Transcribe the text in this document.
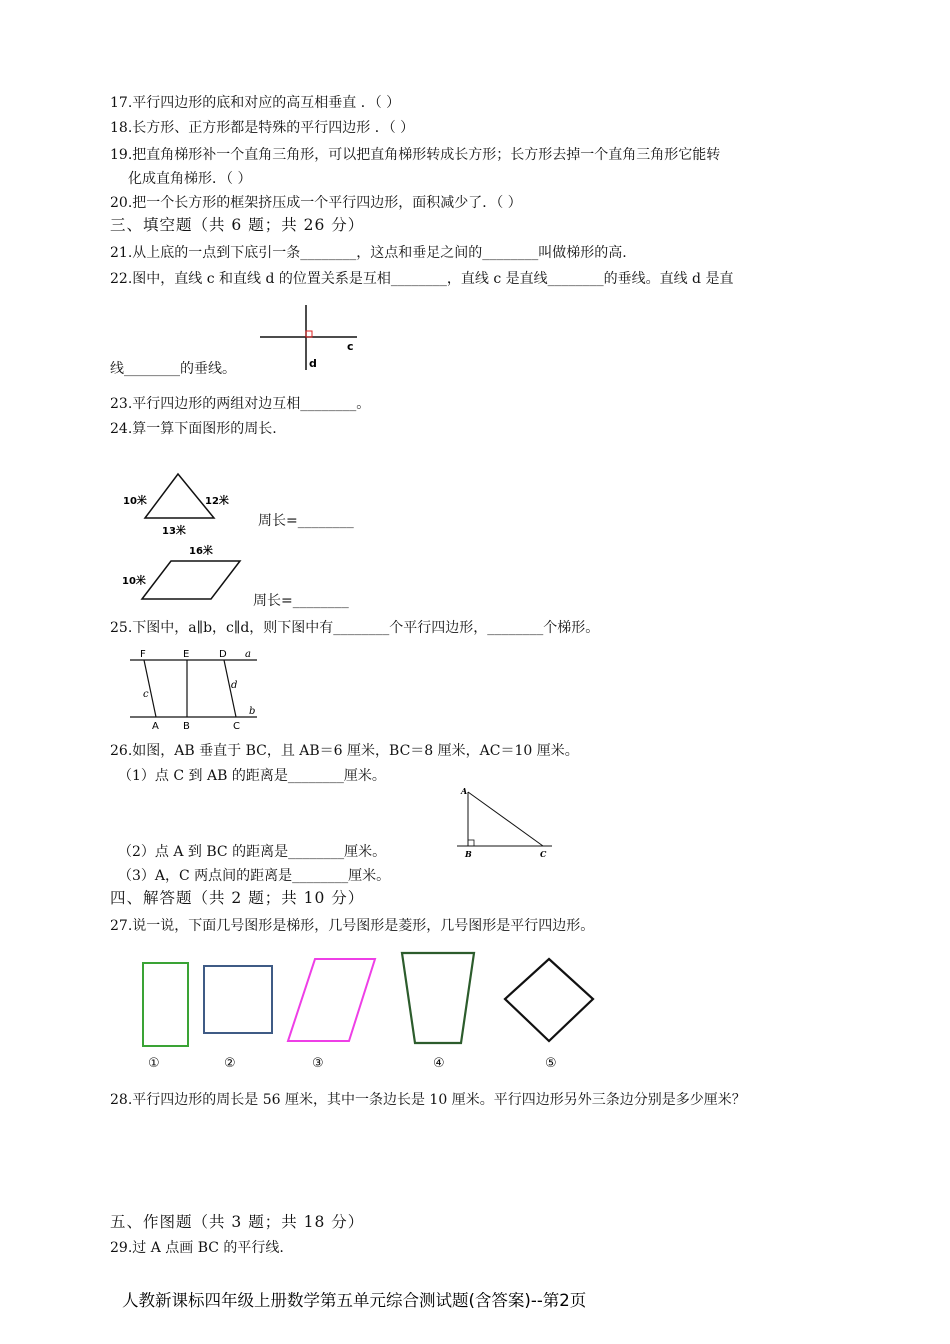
17.平行四边形的底和对应的高互相垂直 ．（ ）
18.长方形、正方形都是特殊的平行四边形 ．（ ）
19.把直角梯形补一个直角三角形，可以把直角梯形转成长方形；长方形去掉一个直角三角形它能转
化成直角梯形．（ ）
20.把一个长方形的框架挤压成一个平行四边形，面积减少了．（ ）
三、填空题（共 6 题；共 26 分）
21.从上底的一点到下底引一条________，这点和垂足之间的________叫做梯形的高.
22.图中，直线 c 和直线 d 的位置关系是互相________，直线 c 是直线________的垂线。直线 d 是直
c
d
线________的垂线。
23.平行四边形的两组对边互相________。
24.算一算下面图形的周长.
10米	12米
13米
周长=________
16米
10米
周长=________
25.下图中，a∥b，c∥d，则下图中有________个平行四边形，________个梯形。
F	E	D a
b
c
d
A B	C
26.如图，AB 垂直于 BC，且 AB＝6 厘米，BC＝8 厘米，AC＝10 厘米。
（1）点 C 到 AB 的距离是________厘米。
A
B	C
（2）点 A 到 BC 的距离是________厘米。
（3）A，C 两点间的距离是________厘米。
四、解答题（共 2 题；共 10 分）
27.说一说，下面几号图形是梯形，几号图形是菱形，几号图形是平行四边形。
①	②	③	④	⑤
28.平行四边形的周长是 56 厘米，其中一条边长是 10 厘米。平行四边形另外三条边分别是多少厘米？
五、作图题（共 3 题；共 18 分）
29.过 A 点画 BC 的平行线.
人教新课标四年级上册数学第五单元综合测试题(含答案)--第2页
